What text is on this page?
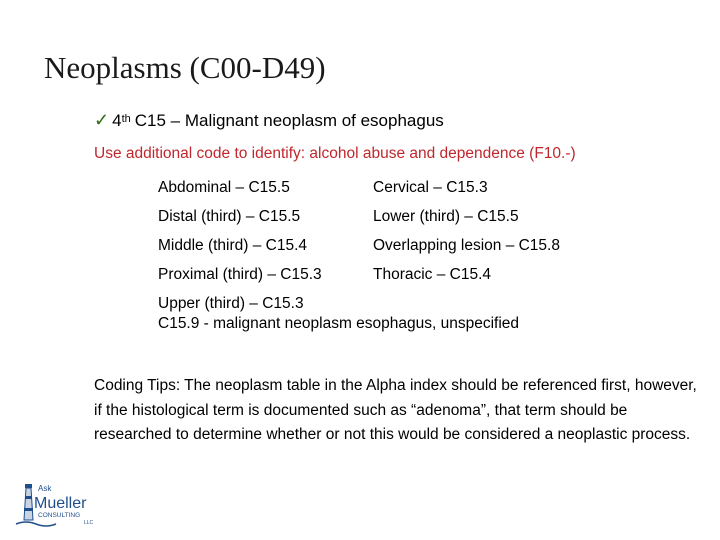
Neoplasms (C00-D49)
✓ 4th C15 – Malignant neoplasm of esophagus
Use additional code to identify: alcohol abuse and dependence (F10.-)
Abdominal – C15.5	Cervical – C15.3
Distal (third) – C15.5	Lower (third) – C15.5
Middle (third) – C15.4	Overlapping lesion – C15.8
Proximal (third) – C15.3	Thoracic – C15.4
Upper (third) – C15.3
C15.9 - malignant neoplasm esophagus, unspecified
Coding Tips: The neoplasm table in the Alpha index should be referenced first, however, if the histological term is documented such as “adenoma”, that term should be researched to determine whether or not this would be considered a neoplastic process.
Ask
Mueller
CONSULTING
LLC
